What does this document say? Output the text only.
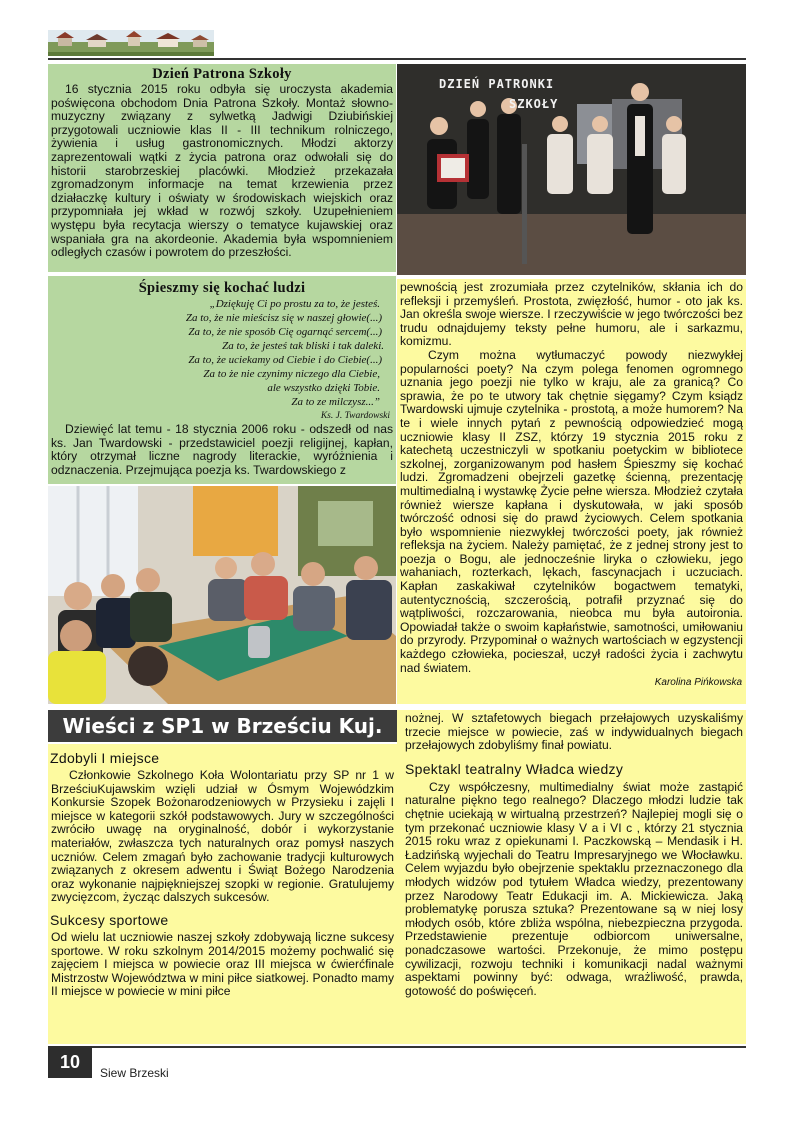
Dzień Patrona Szkoły

16 stycznia 2015 roku odbyła się uroczysta akademia poświęcona obchodom Dnia Patrona Szkoły. Montaż słowno-muzyczny związany z sylwetką Jadwigi Dziubińskiej przygotowali uczniowie klas II - III technikum rolniczego, żywienia i usług gastronomicznych. Młodzi aktorzy zaprezentowali wątki z życia patrona oraz odwołali się do historii starobrzeskiej placówki. Młodzież przekazała zgromadzonym informacje na temat krzewienia przez działaczkę kultury i oświaty w środowiskach wiejskich oraz przypomniała jej wkład w rozwój szkoły. Uzupełnieniem występu była recytacja wierszy o tematyce kujawskiej oraz wspaniała gra na akordeonie. Akademia była wspomnieniem odległych czasów i powrotem do przeszłości.

DZIEŃ PATRONKI
SZKOŁY
Śpieszmy się kochać ludzi

„Dziękuję Ci po prostu za to, że jesteś.

Za to, że nie mieścisz się w naszej głowie(...)

Za to, że nie sposób Cię ogarnąć sercem(...)

Za to, że jesteś tak bliski i tak daleki.

Za to, że uciekamy od Ciebie i do Ciebie(...)

Za to że nie czynimy niczego dla Ciebie,

ale wszystko dzięki Tobie.

Za to ze milczysz...”

Ks. J. Twardowski

Dziewięć lat temu - 18 stycznia 2006 roku - odszedł od nas ks. Jan Twardowski - przedstawiciel poezji religijnej, kapłan, który otrzymał liczne nagrody literackie, wyróżnienia i odznaczenia. Przejmująca poezja ks. Twardowskiego z

pewnością jest zrozumiała przez czytelników, skłania ich do refleksji i przemyśleń. Prostota, zwięzłość, humor - oto jak ks. Jan określa swoje wiersze. I rzeczywiście w jego twórczości bez trudu odnajdujemy teksty pełne humoru, ale i sarkazmu, komizmu.

Czym można wytłumaczyć powody niezwykłej popularności poety? Na czym polega fenomen ogromnego uznania jego poezji nie tylko w kraju, ale za granicą? Co sprawia, że po te utwory tak chętnie sięgamy? Czym ksiądz Twardowski ujmuje czytelnika - prostotą, a może humorem? Na te i wiele innych pytań z pewnością odpowiedzieć mogą uczniowie klasy II ZSZ, którzy 19 stycznia 2015 roku z katechetą uczestniczyli w spotkaniu poetyckim w bibliotece szkolnej, zorganizowanym pod hasłem Śpieszmy się kochać ludzi. Zgromadzeni obejrzeli gazetkę ścienną, prezentację multimedialną i wystawkę Życie pełne wiersza. Młodzież czytała również wiersze kapłana i dyskutowała, w jaki sposób twórczość odnosi się do prawd życiowych. Celem spotkania było wspomnienie niezwykłej twórczości poety, jak również refleksja na życiem. Należy pamiętać, że z jednej strony jest to poezja o Bogu, ale jednocześnie liryka o człowieku, jego wahaniach, rozterkach, lękach, fascynacjach i uczuciach. Kapłan zaskakiwał czytelników bogactwem tematyki, autentycznością, szczerością, potrafił przyznać się do wątpliwości, rozczarowania, nieobca mu była autoironia. Opowiadał także o swoim kapłaństwie, samotności, umiłowaniu do przyrody. Przypominał o ważnych wartościach w egzystencji każdego człowieka, pocieszał, uczył radości życia i zachwytu nad światem.

Karolina Pińkowska
Wieści z SP1 w Brześciu Kuj.
Zdobyli I miejsce

Członkowie Szkolnego Koła Wolontariatu przy SP nr 1 w BrześciuKujawskim wzięli udział w Ósmym Wojewódzkim Konkursie Szopek Bożonarodzeniowych w Przysieku i zajęli I miejsce w kategorii szkół podstawowych. Jury w szczególności zwróciło uwagę na oryginalność, dobór i wykorzystanie materiałów, zwłaszcza tych naturalnych oraz pomysł naszych uczniów. Celem zmagań było zachowanie tradycji kulturowych związanych z okresem adwentu i Świąt Bożego Narodzenia oraz wykonanie najpiękniejszej szopki w regionie. Gratulujemy zwycięzcom, życząc dalszych sukcesów.

Sukcesy sportowe

Od wielu lat uczniowie naszej szkoły zdobywają liczne sukcesy sportowe. W roku szkolnym 2014/2015 możemy pochwalić się zajęciem I miejsca w powiecie oraz III miejsca w ćwierćfinale Mistrzostw Województwa w mini piłce siatkowej. Ponadto mamy II miejsce w powiecie w mini piłce

nożnej. W sztafetowych biegach przełajowych uzyskaliśmy trzecie miejsce w powiecie, zaś w indywidualnych biegach przełajowych zdobyliśmy finał powiatu.

Spektakl teatralny Władca wiedzy

Czy współczesny, multimedialny świat może zastąpić naturalne piękno tego realnego? Dlaczego młodzi ludzie tak chętnie uciekają w wirtualną przestrzeń? Najlepiej mogli się o tym przekonać uczniowie klasy V a i VI c , którzy 21 stycznia 2015 roku wraz z opiekunami I. Paczkowską – Mendasik i H. Ładzińską wyjechali do Teatru Impresaryjnego we Włocławku. Celem wyjazdu było obejrzenie spektaklu przeznaczonego dla młodych widzów pod tytułem Władca wiedzy, prezentowany przez Narodowy Teatr Edukacji im. A. Mickiewicza. Jaką problematykę porusza sztuka? Prezentowane są w niej losy młodych osób, które zbliża wspólna, niebezpieczna przygoda. Przedstawienie prezentuje odbiorcom uniwersalne, ponadczasowe wartości. Przekonuje, że mimo postępu cywilizacji, rozwoju techniki i komunikacji nadal ważnymi aspektami powinny być: odwaga, wrażliwość, prawda, gotowość do poświęceń.

10
Siew Brzeski
